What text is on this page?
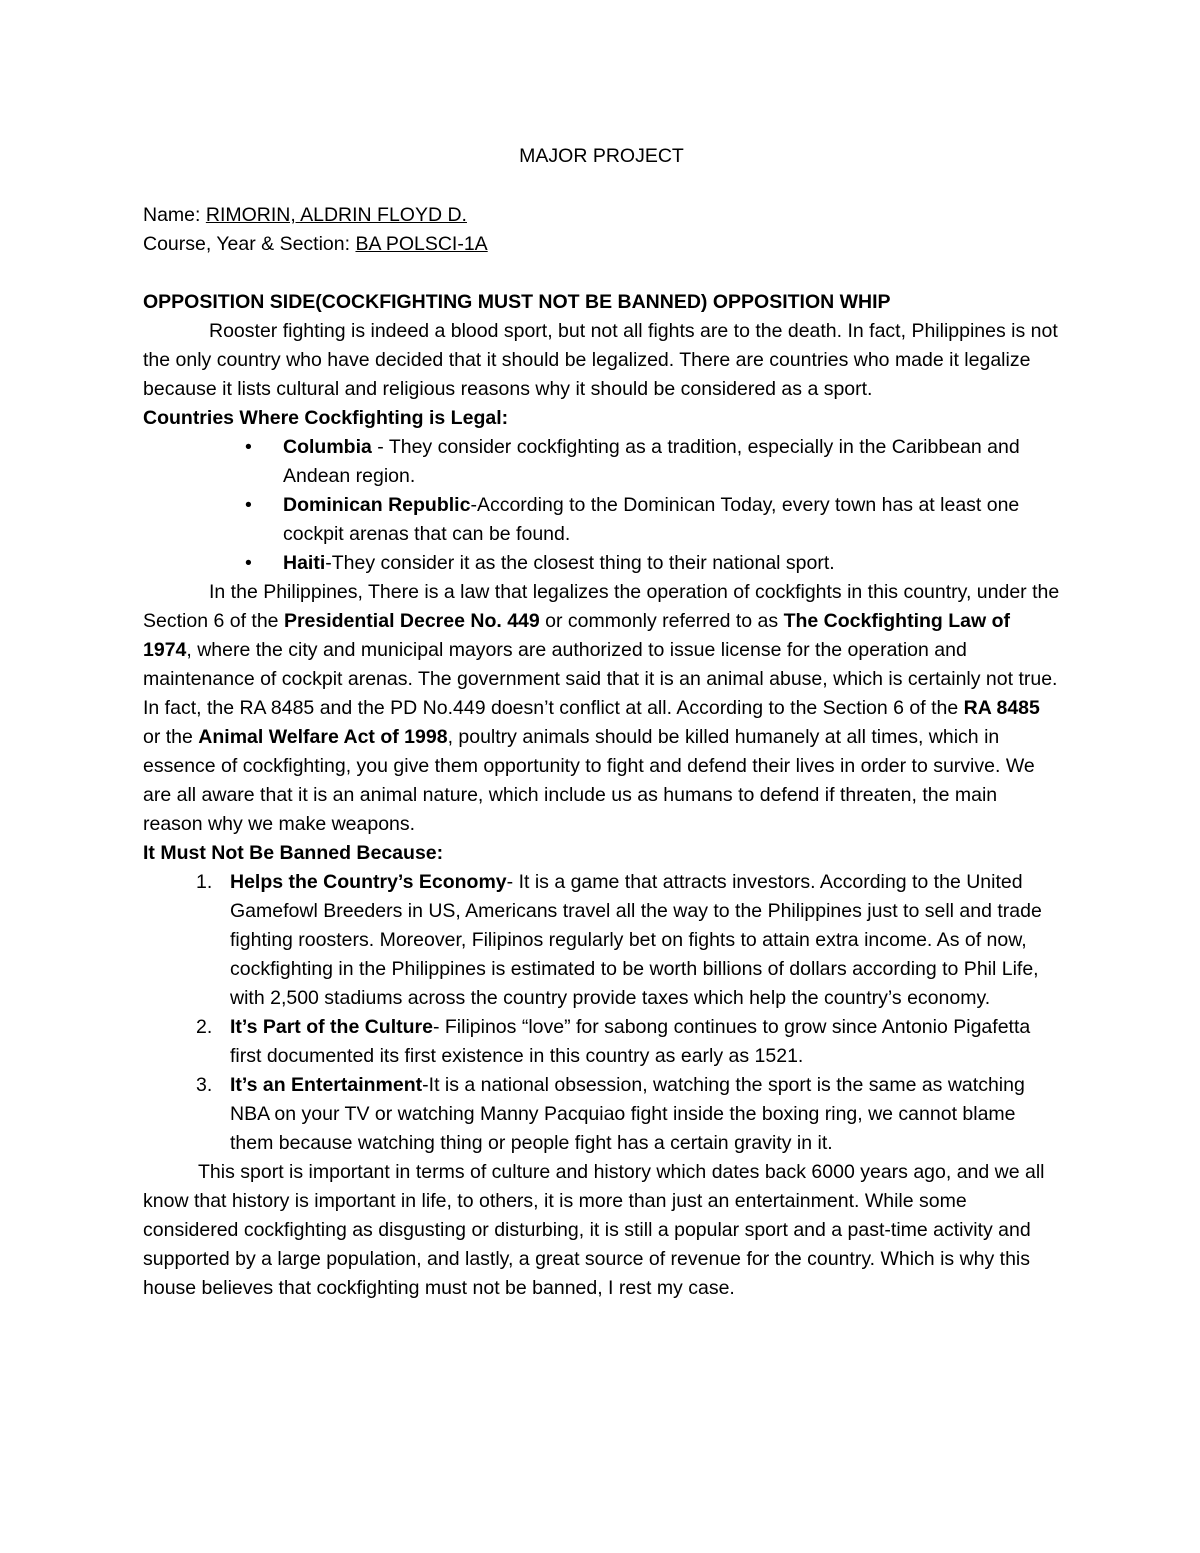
MAJOR PROJECT

Name: RIMORIN, ALDRIN FLOYD D.

Course, Year & Section: BA POLSCI-1A

OPPOSITION SIDE(COCKFIGHTING MUST NOT BE BANNED) OPPOSITION WHIP

Rooster fighting is indeed a blood sport, but not all fights are to the death. In fact, Philippines is not the only country who have decided that it should be legalized. There are countries who made it legalize because it lists cultural and religious reasons why it should be considered as a sport.

Countries Where Cockfighting is Legal:

• Columbia - They consider cockfighting as a tradition, especially in the Caribbean and Andean region.
• Dominican Republic-According to the Dominican Today, every town has at least one cockpit arenas that can be found.
• Haiti-They consider it as the closest thing to their national sport.

In the Philippines, There is a law that legalizes the operation of cockfights in this country, under the Section 6 of the Presidential Decree No. 449 or commonly referred to as The Cockfighting Law of 1974, where the city and municipal mayors are authorized to issue license for the operation and maintenance of cockpit arenas. The government said that it is an animal abuse, which is certainly not true. In fact, the RA 8485 and the PD No.449 doesn’t conflict at all. According to the Section 6 of the RA 8485 or the Animal Welfare Act of 1998, poultry animals should be killed humanely at all times, which in essence of cockfighting, you give them opportunity to fight and defend their lives in order to survive. We are all aware that it is an animal nature, which include us as humans to defend if threaten, the main reason why we make weapons.

It Must Not Be Banned Because:

1. Helps the Country’s Economy- It is a game that attracts investors. According to the United Gamefowl Breeders in US, Americans travel all the way to the Philippines just to sell and trade fighting roosters. Moreover, Filipinos regularly bet on fights to attain extra income. As of now, cockfighting in the Philippines is estimated to be worth billions of dollars according to Phil Life, with 2,500 stadiums across the country provide taxes which help the country’s economy.
2. It’s Part of the Culture- Filipinos “love” for sabong continues to grow since Antonio Pigafetta first documented its first existence in this country as early as 1521.
3. It’s an Entertainment-It is a national obsession, watching the sport is the same as watching NBA on your TV or watching Manny Pacquiao fight inside the boxing ring, we cannot blame them because watching thing or people fight has a certain gravity in it.

This sport is important in terms of culture and history which dates back 6000 years ago, and we all know that history is important in life, to others, it is more than just an entertainment. While some considered cockfighting as disgusting or disturbing, it is still a popular sport and a past-time activity and supported by a large population, and lastly, a great source of revenue for the country. Which is why this house believes that cockfighting must not be banned, I rest my case.
